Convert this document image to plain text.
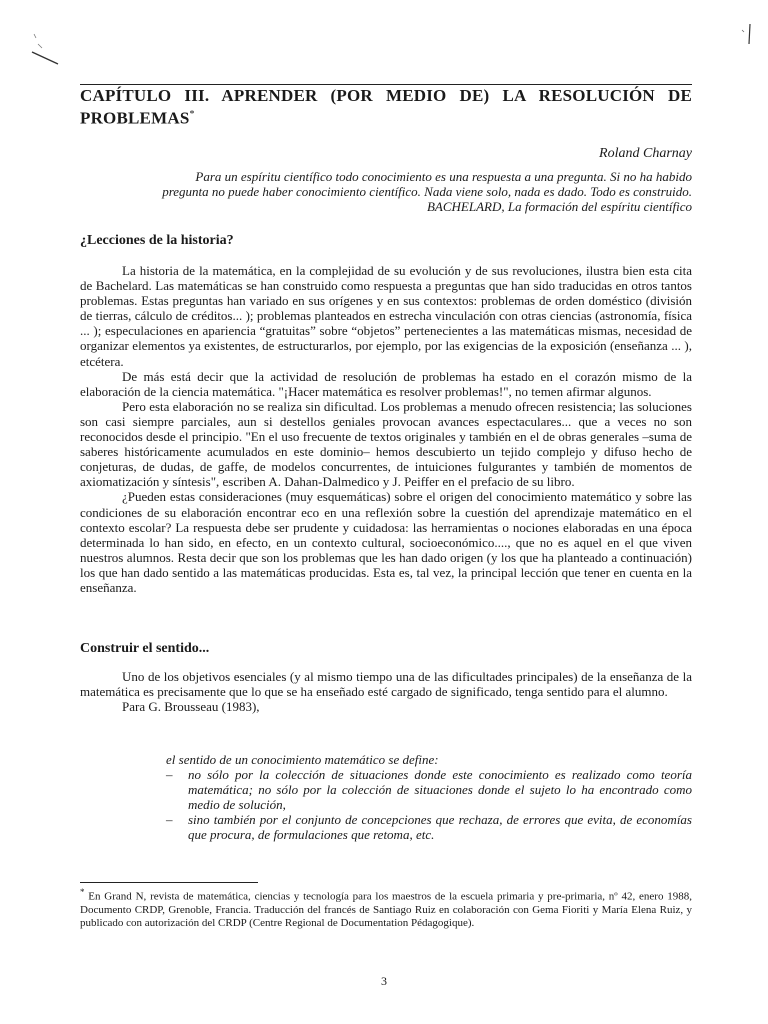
CAPÍTULO III. APRENDER (POR MEDIO DE) LA RESOLUCIÓN DE PROBLEMAS*
Roland Charnay
Para un espíritu científico todo conocimiento es una respuesta a una pregunta. Si no ha habido
pregunta no puede haber conocimiento científico. Nada viene solo, nada es dado. Todo es construido.
BACHELARD, La formación del espíritu científico
¿Lecciones de la historia?

La historia de la matemática, en la complejidad de su evolución y de sus revoluciones, ilustra bien esta cita de Bachelard. Las matemáticas se han construido como respuesta a preguntas que han sido traducidas en otros tantos problemas. Estas preguntas han variado en sus orígenes y en sus contextos: problemas de orden doméstico (división de tierras, cálculo de créditos... ); problemas planteados en estrecha vinculación con otras ciencias (astronomía, física ... ); especulaciones en apariencia “gratuitas” sobre “objetos” pertenecientes a las matemáticas mismas, necesidad de organizar elementos ya existentes, de estructurarlos, por ejemplo, por las exigencias de la exposición (enseñanza ... ), etcétera.

De más está decir que la actividad de resolución de problemas ha estado en el corazón mismo de la elaboración de la ciencia matemática. "¡Hacer matemática es resolver problemas!", no temen afirmar algunos.

Pero esta elaboración no se realiza sin dificultad. Los problemas a menudo ofrecen resistencia; las soluciones son casi siempre parciales, aun si destellos geniales provocan avances espectaculares... que a veces no son reconocidos desde el principio. "En el uso frecuente de textos originales y también en el de obras generales –suma de saberes históricamente acumulados en este dominio– hemos descubierto un tejido complejo y difuso hecho de conjeturas, de dudas, de gaffe, de modelos concurrentes, de intuiciones fulgurantes y también de momentos de axiomatización y síntesis", escriben A. Dahan-Dalmedico y J. Peiffer en el prefacio de su libro.

¿Pueden estas consideraciones (muy esquemáticas) sobre el origen del conocimiento matemático y sobre las condiciones de su elaboración encontrar eco en una reflexión sobre la cuestión del aprendizaje matemático en el contexto escolar? La respuesta debe ser prudente y cuidadosa: las herramientas o nociones elaboradas en una época determinada lo han sido, en efecto, en un contexto cultural, socioeconómico...., que no es aquel en el que viven nuestros alumnos. Resta decir que son los problemas que les han dado origen (y los que ha planteado a continuación) los que han dado sentido a las matemáticas producidas. Esta es, tal vez, la principal lección que tener en cuenta en la enseñanza.

Construir el sentido...

Uno de los objetivos esenciales (y al mismo tiempo una de las dificultades principales) de la enseñanza de la matemática es precisamente que lo que se ha enseñado esté cargado de significado, tenga sentido para el alumno.

Para G. Brousseau (1983),

el sentido de un conocimiento matemático se define:

– no sólo por la colección de situaciones donde este conocimiento es realizado como teoría matemática; no sólo por la colección de situaciones donde el sujeto lo ha encontrado como medio de solución,
– sino también por el conjunto de concepciones que rechaza, de errores que evita, de economías que procura, de formulaciones que retoma, etc.
* En Grand N, revista de matemática, ciencias y tecnología para los maestros de la escuela primaria y pre-primaria, nº 42, enero 1988, Documento CRDP, Grenoble, Francia. Traducción del francés de Santiago Ruiz en colaboración con Gema Fioriti y María Elena Ruiz, y publicado con autorización del CRDP (Centre Regional de Documentation Pédagogique).
3
